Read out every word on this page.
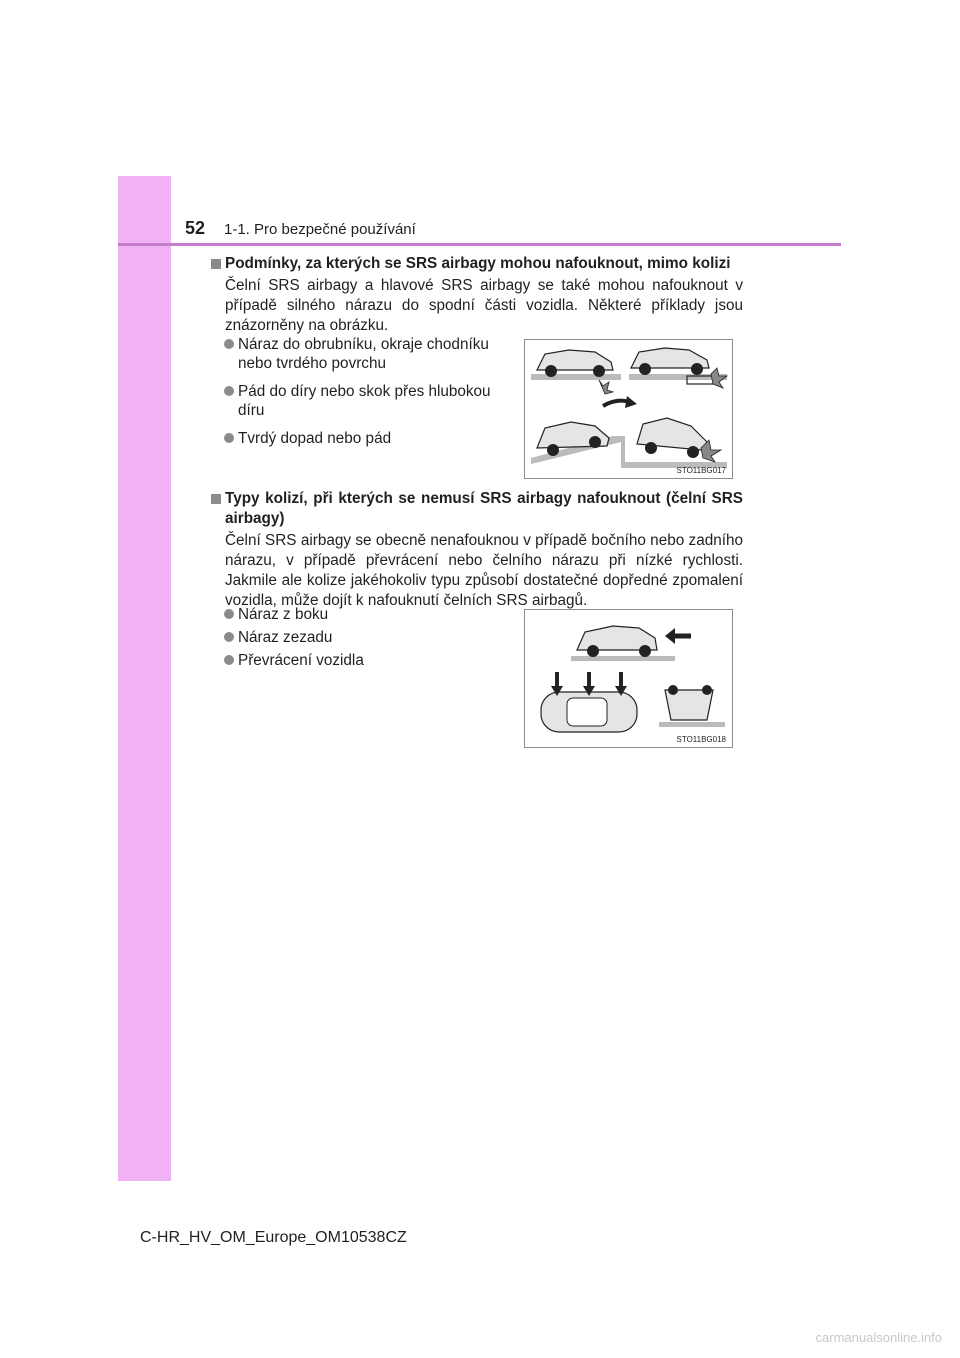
52 1-1. Pro bezpečné používání
Podmínky, za kterých se SRS airbagy mohou nafouknout, mimo kolizi
Čelní SRS airbagy a hlavové SRS airbagy se také mohou nafouknout v případě silného nárazu do spodní části vozidla. Některé příklady jsou znázorněny na obrázku.
Náraz do obrubníku, okraje chodníku nebo tvrdého povrchu
Pád do díry nebo skok přes hlubokou díru
Tvrdý dopad nebo pád
STO11BG017
Typy kolizí, při kterých se nemusí SRS airbagy nafouknout (čelní SRS airbagy)
Čelní SRS airbagy se obecně nenafouknou v případě bočního nebo zadního nárazu, v případě převrácení nebo čelního nárazu při nízké rychlosti. Jakmile ale kolize jakéhokoliv typu způsobí dostatečné dopředné zpomalení vozidla, může dojít k nafouknutí čelních SRS airbagů.
Náraz z boku
Náraz zezadu
Převrácení vozidla
STO11BG018
C-HR_HV_OM_Europe_OM10538CZ
carmanualsonline.info
